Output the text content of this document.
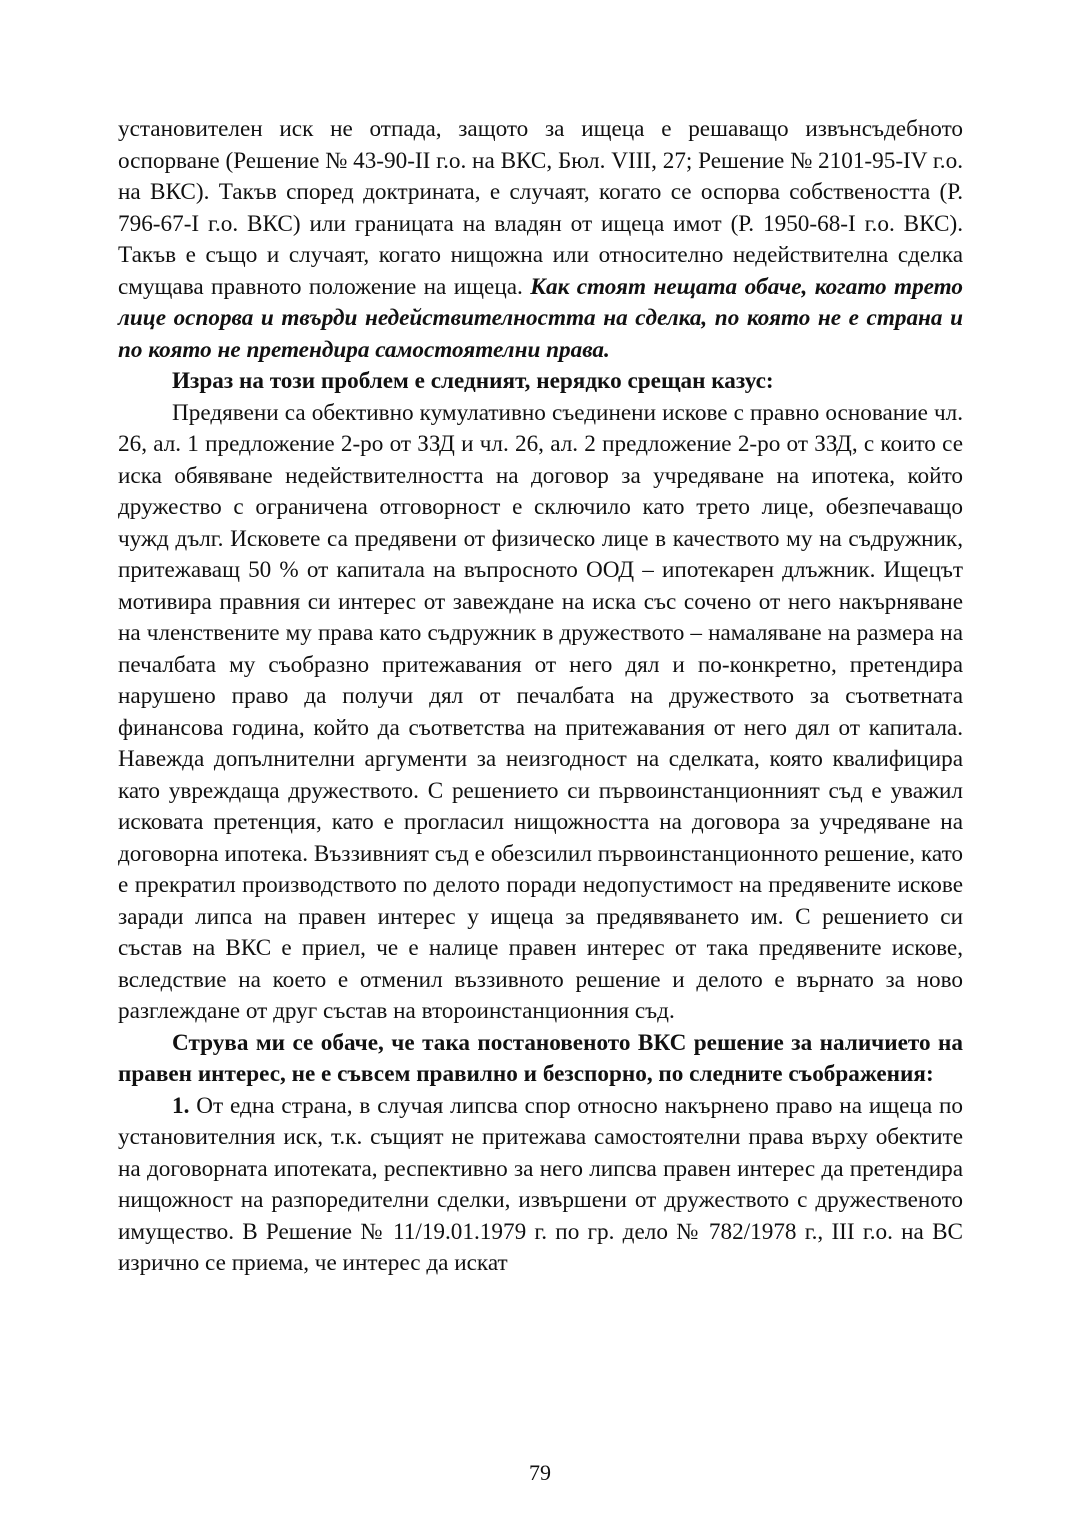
установителен иск не отпада, защото за ищеца е решаващо извънсъдебното оспорване (Решение № 43-90-II г.о. на ВКС, Бюл. VIII, 27; Решение № 2101-95-IV г.о. на ВКС). Такъв според доктрината, е случаят, когато се оспорва собствеността (Р. 796-67-I г.о. ВКС) или границата на владян от ищеца имот (Р. 1950-68-I г.о. ВКС). Такъв е също и случаят, когато нищожна или относително недействителна сделка смущава правното положение на ищеца. Как стоят нещата обаче, когато трето лице оспорва и твърди недействителността на сделка, по която не е страна и по която не претендира самостоятелни права.

Израз на този проблем е следният, нерядко срещан казус:

Предявени са обективно кумулативно съединени искове с правно основание чл. 26, ал. 1 предложение 2-ро от ЗЗД и чл. 26, ал. 2 предложение 2-ро от ЗЗД, с които се иска обявяване недействителността на договор за учредяване на ипотека, който дружество с ограничена отговорност е сключило като трето лице, обезпечаващо чужд дълг. Исковете са предявени от физическо лице в качеството му на съдружник, притежаващ 50 % от капитала на въпросното ООД – ипотекарен длъжник. Ищецът мотивира правния си интерес от завеждане на иска със сочено от него накърняване на членствените му права като съдружник в дружеството – намаляване на размера на печалбата му съобразно притежавания от него дял и по-конкретно, претендира нарушено право да получи дял от печалбата на дружеството за съответната финансова година, който да съответства на притежавания от него дял от капитала. Навежда допълнителни аргументи за неизгодност на сделката, която квалифицира като увреждаща дружеството. С решението си първоинстанционният съд е уважил исковата претенция, като е прогласил нищожността на договора за учредяване на договорна ипотека. Въззивният съд е обезсилил първоинстанционното решение, като е прекратил производството по делото поради недопустимост на предявените искове заради липса на правен интерес у ищеца за предявяването им. С решението си състав на ВКС е приел, че е налице правен интерес от така предявените искове, вследствие на което е отменил въззивното решение и делото е върнато за ново разглеждане от друг състав на второинстанционния съд.

Струва ми се обаче, че така постановеното ВКС решение за наличието на правен интерес, не е съвсем правилно и безспорно, по следните съображения:

1. От една страна, в случая липсва спор относно накърнено право на ищеца по установителния иск, т.к. същият не притежава самостоятелни права върху обектите на договорната ипотеката, респективно за него липсва правен интерес да претендира нищожност на разпоредителни сделки, извършени от дружеството с дружественото имущество. В Решение № 11/19.01.1979 г. по гр. дело № 782/1978 г., III г.о. на ВС изрично се приема, че интерес да искат

79
